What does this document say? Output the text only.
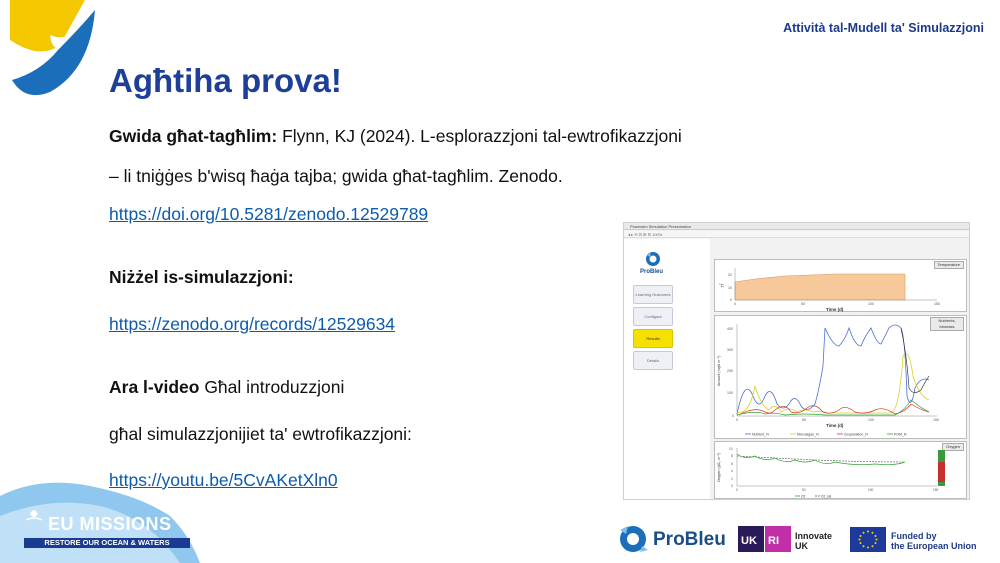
Attività tal-Mudell ta' Simulazzjoni
Agħtiha prova!
Gwida għat-tagħlim: Flynn, KJ (2024). L-esplorazzjoni tal-ewtrofikazzjoni
– li tniġġes b'wisq ħaġa tajba; gwida għat-tagħlim. Zenodo.
https://doi.org/10.5281/zenodo.12529789
Niżżel is-simulazzjoni:
https://zenodo.org/records/12529634
Ara l-video Għal introduzzjoni
għal simulazzjonijiet ta' ewtrofikazzjoni:
https://youtu.be/5CvAKetXln0
Powersim Simulation Presentation
◂ ▸ ⟲ ⊡ ⊞ ⊟ 100%
ProBleu
Learning Outcomes
Configure
Results
Details
Temperature
°C
20
10
0
0	50	100	150
Time (d)
Nutrients, biomass
Amount (mgN m⁻³)
400
300
200
100
0
0	50	100	150
Time (d)
Nutrient_N	Microalgae_N	Zooplankton_N	POM_N
Oxygen
Oxygen (gO₂ m⁻³)
10
8
6
4
2
0
0	50	100	150
O2	O2_sat
EU MISSIONS
RESTORE OUR OCEAN & WATERS	ProBleu UK RI Innovate
UK
Funded by
the European Union
